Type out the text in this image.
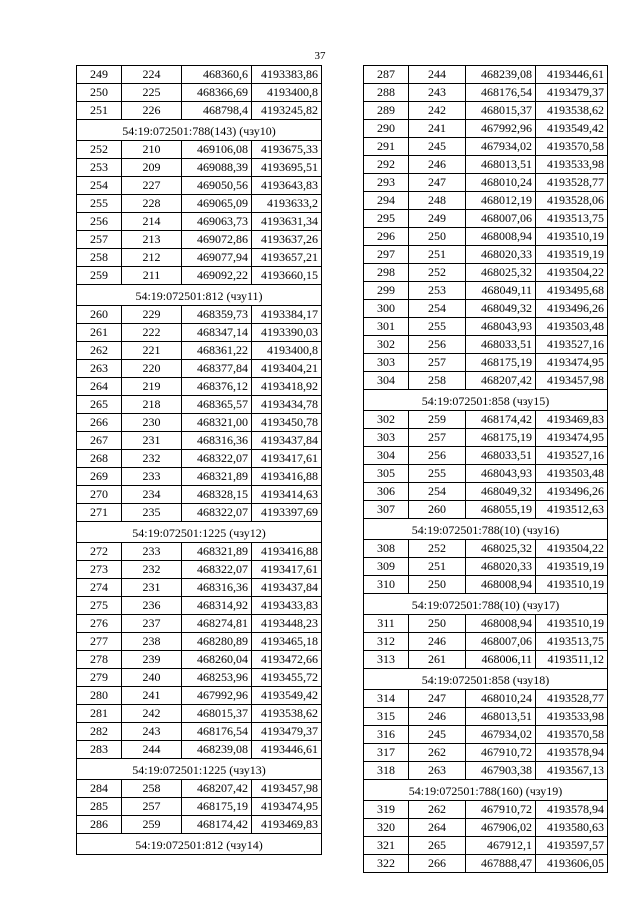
37
249	224	468360,6	4193383,86
250	225	468366,69	4193400,8
251	226	468798,4	4193245,82
54:19:072501:788(143) (чзу10)			
252	210	469106,08	4193675,33
253	209	469088,39	4193695,51
254	227	469050,56	4193643,83
255	228	469065,09	4193633,2
256	214	469063,73	4193631,34
257	213	469072,86	4193637,26
258	212	469077,94	4193657,21
259	211	469092,22	4193660,15
54:19:072501:812 (чзу11)			
260	229	468359,73	4193384,17
261	222	468347,14	4193390,03
262	221	468361,22	4193400,8
263	220	468377,84	4193404,21
264	219	468376,12	4193418,92
265	218	468365,57	4193434,78
266	230	468321,00	4193450,78
267	231	468316,36	4193437,84
268	232	468322,07	4193417,61
269	233	468321,89	4193416,88
270	234	468328,15	4193414,63
271	235	468322,07	4193397,69
54:19:072501:1225 (чзу12)			
272	233	468321,89	4193416,88
273	232	468322,07	4193417,61
274	231	468316,36	4193437,84
275	236	468314,92	4193433,83
276	237	468274,81	4193448,23
277	238	468280,89	4193465,18
278	239	468260,04	4193472,66
279	240	468253,96	4193455,72
280	241	467992,96	4193549,42
281	242	468015,37	4193538,62
282	243	468176,54	4193479,37
283	244	468239,08	4193446,61
54:19:072501:1225 (чзу13)			
284	258	468207,42	4193457,98
285	257	468175,19	4193474,95
286	259	468174,42	4193469,83
54:19:072501:812 (чзу14)			
287	244	468239,08	4193446,61
288	243	468176,54	4193479,37
289	242	468015,37	4193538,62
290	241	467992,96	4193549,42
291	245	467934,02	4193570,58
292	246	468013,51	4193533,98
293	247	468010,24	4193528,77
294	248	468012,19	4193528,06
295	249	468007,06	4193513,75
296	250	468008,94	4193510,19
297	251	468020,33	4193519,19
298	252	468025,32	4193504,22
299	253	468049,11	4193495,68
300	254	468049,32	4193496,26
301	255	468043,93	4193503,48
302	256	468033,51	4193527,16
303	257	468175,19	4193474,95
304	258	468207,42	4193457,98
54:19:072501:858 (чзу15)			
302	259	468174,42	4193469,83
303	257	468175,19	4193474,95
304	256	468033,51	4193527,16
305	255	468043,93	4193503,48
306	254	468049,32	4193496,26
307	260	468055,19	4193512,63
54:19:072501:788(10) (чзу16)			
308	252	468025,32	4193504,22
309	251	468020,33	4193519,19
310	250	468008,94	4193510,19
54:19:072501:788(10) (чзу17)			
311	250	468008,94	4193510,19
312	246	468007,06	4193513,75
313	261	468006,11	4193511,12
54:19:072501:858 (чзу18)			
314	247	468010,24	4193528,77
315	246	468013,51	4193533,98
316	245	467934,02	4193570,58
317	262	467910,72	4193578,94
318	263	467903,38	4193567,13
54:19:072501:788(160) (чзу19)			
319	262	467910,72	4193578,94
320	264	467906,02	4193580,63
321	265	467912,1	4193597,57
322	266	467888,47	4193606,05
